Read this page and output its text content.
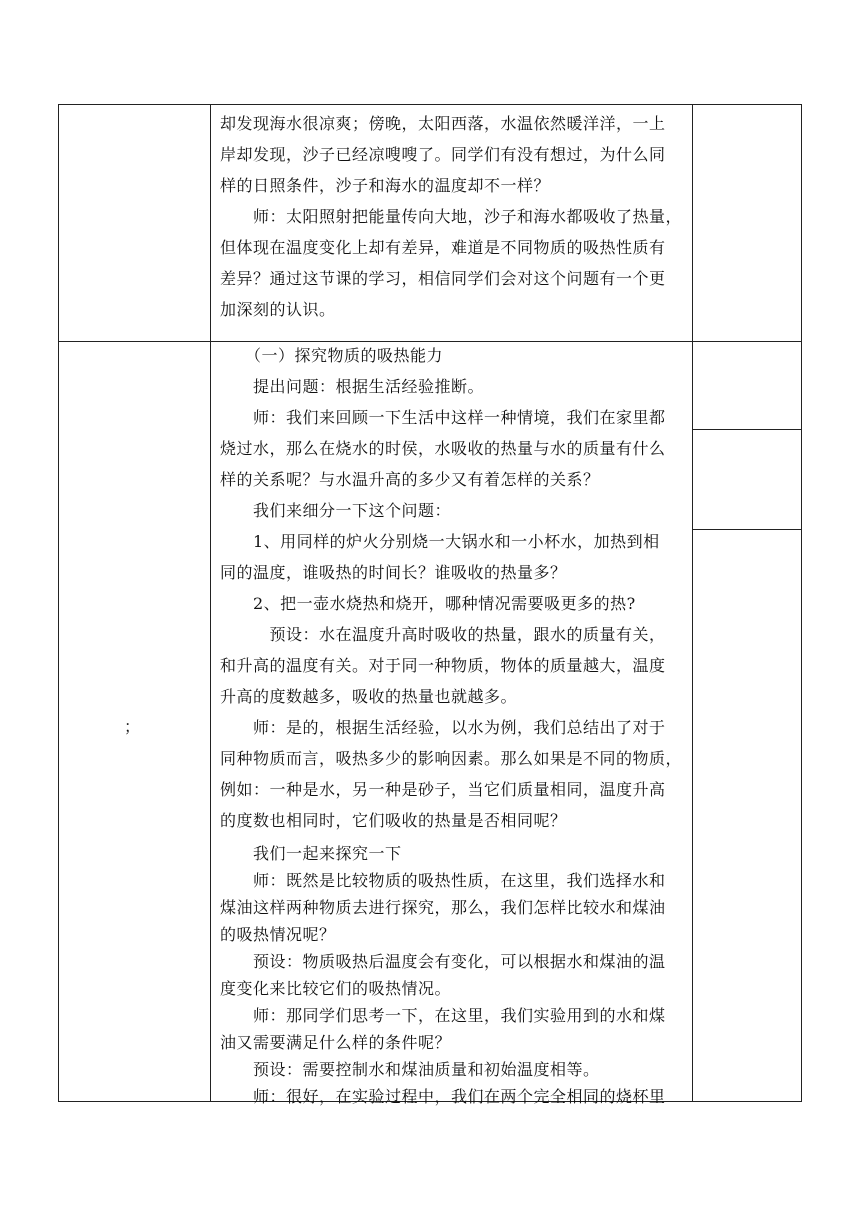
却发现海水很凉爽；傍晚，太阳西落，水温依然暖洋洋，一上
岸却发现，沙子已经凉嗖嗖了。同学们有没有想过，为什么同
样的日照条件，沙子和海水的温度却不一样？
　　师：太阳照射把能量传向大地，沙子和海水都吸收了热量，
但体现在温度变化上却有差异，难道是不同物质的吸热性质有
差异？通过这节课的学习，相信同学们会对这个问题有一个更
加深刻的认识。
；
　　（一）探究物质的吸热能力
　　提出问题：根据生活经验推断。
　　师：我们来回顾一下生活中这样一种情境，我们在家里都
烧过水，那么在烧水的时侯，水吸收的热量与水的质量有什么
样的关系呢？与水温升高的多少又有着怎样的关系？
　　我们来细分一下这个问题：
　　1、用同样的炉火分别烧一大锅水和一小杯水，加热到相
同的温度，谁吸热的时间长？谁吸收的热量多？
　　2、把一壶水烧热和烧开，哪种情况需要吸更多的热?
　　　预设：水在温度升高时吸收的热量，跟水的质量有关，
和升高的温度有关。对于同一种物质，物体的质量越大，温度
升高的度数越多，吸收的热量也就越多。
　　师：是的，根据生活经验，以水为例，我们总结出了对于
同种物质而言，吸热多少的影响因素。那么如果是不同的物质，
例如：一种是水，另一种是砂子，当它们质量相同，温度升高
的度数也相同时，它们吸收的热量是否相同呢？
　　我们一起来探究一下
　　师：既然是比较物质的吸热性质，在这里，我们选择水和
煤油这样两种物质去进行探究，那么，我们怎样比较水和煤油
的吸热情况呢？
　　预设：物质吸热后温度会有变化，可以根据水和煤油的温
度变化来比较它们的吸热情况。
　　师：那同学们思考一下，在这里，我们实验用到的水和煤
油又需要满足什么样的条件呢？
　　预设：需要控制水和煤油质量和初始温度相等。
　　师：很好，在实验过程中，我们在两个完全相同的烧杯里
